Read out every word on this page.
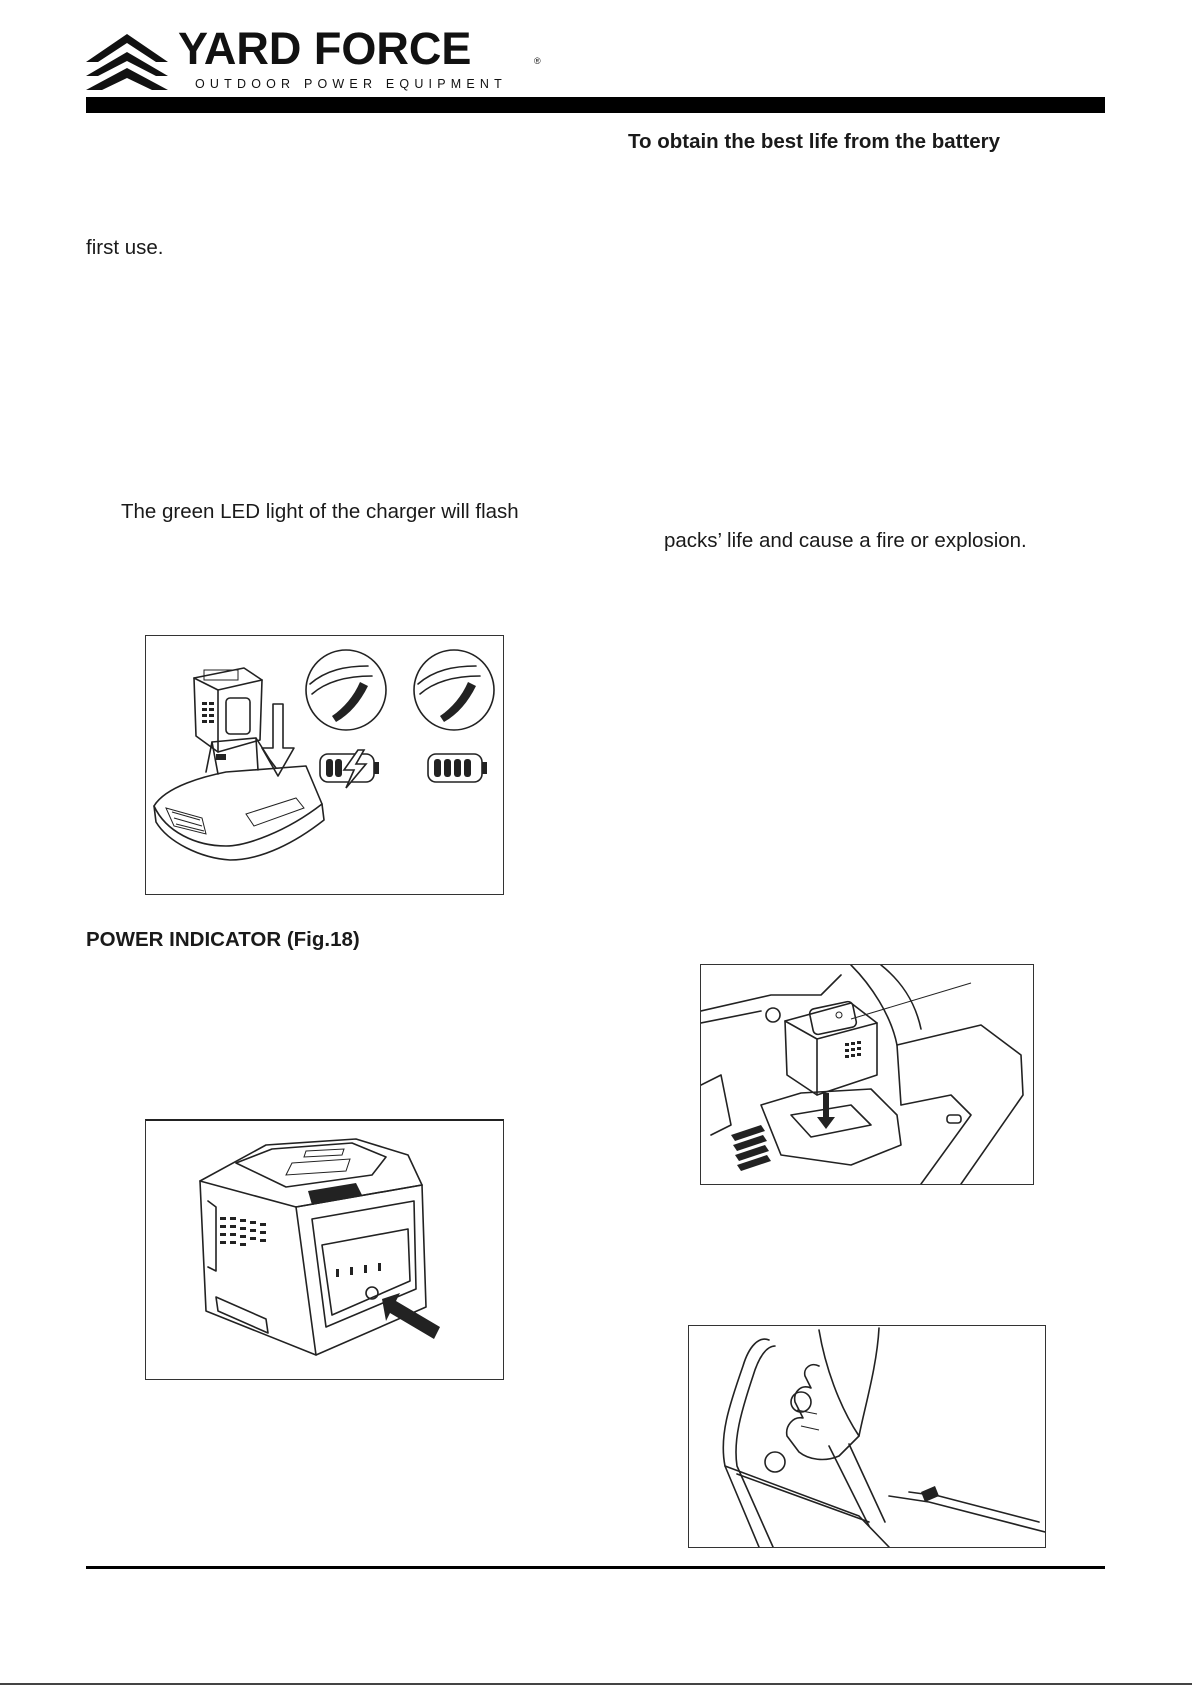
YARD FORCE	®
OUTDOOR POWER EQUIPMENT
To obtain the best life from the battery
first use.
The green LED light of the charger will flash
packs’ life and cause a fire or explosion.
POWER INDICATOR (Fig.18)
